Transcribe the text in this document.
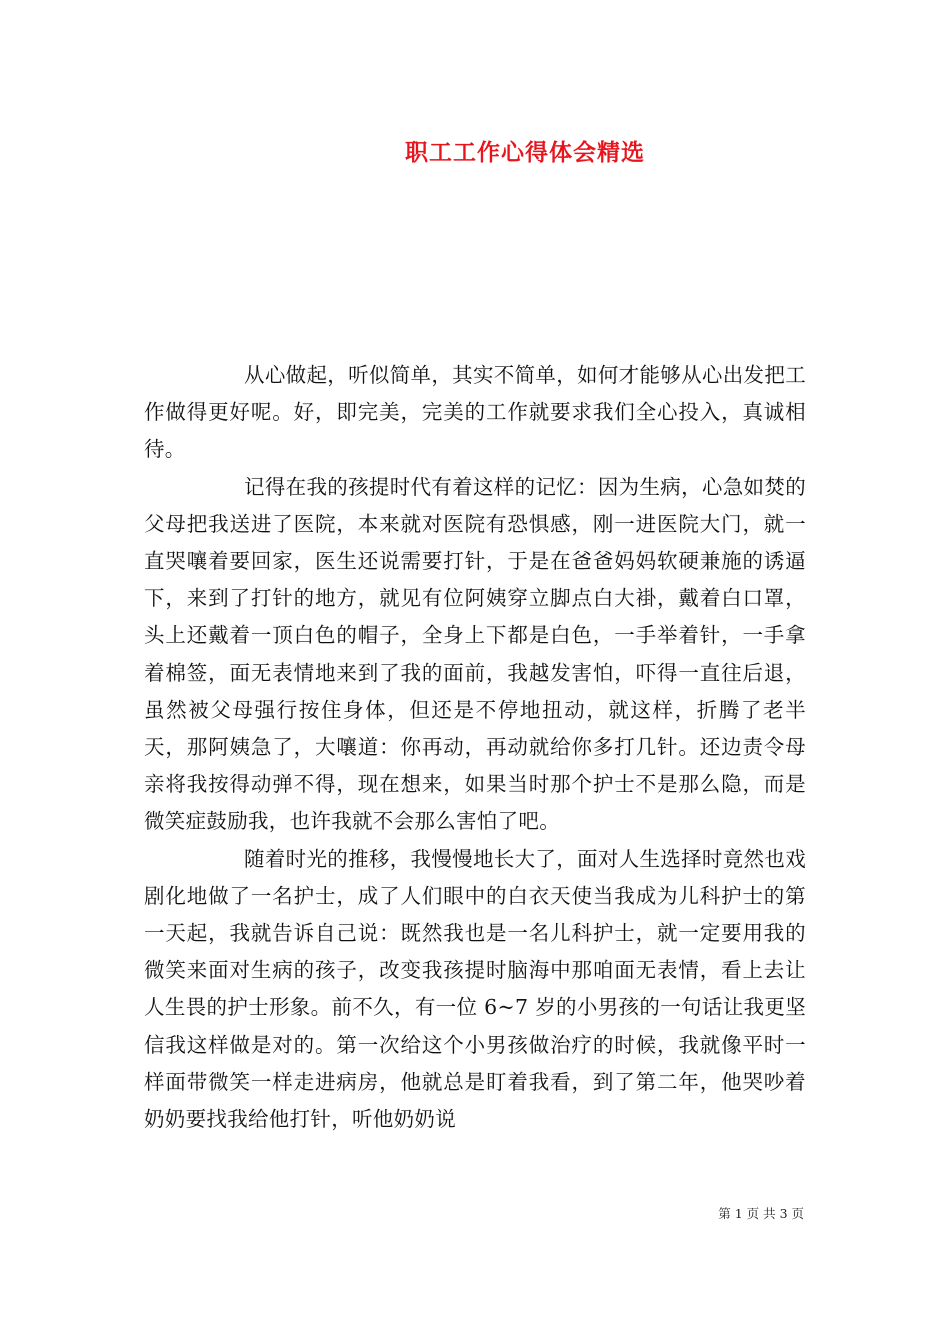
职工工作心得体会精选

从心做起，听似简单，其实不简单，如何才能够从心出发把工作做得更好呢。好，即完美，完美的工作就要求我们全心投入，真诚相待。

记得在我的孩提时代有着这样的记忆：因为生病，心急如焚的父母把我送进了医院，本来就对医院有恐惧感，刚一进医院大门，就一直哭嚷着要回家，医生还说需要打针，于是在爸爸妈妈软硬兼施的诱逼下，来到了打针的地方，就见有位阿姨穿立脚点白大褂，戴着白口罩，头上还戴着一顶白色的帽子，全身上下都是白色，一手举着针，一手拿着棉签，面无表情地来到了我的面前，我越发害怕，吓得一直往后退，虽然被父母强行按住身体，但还是不停地扭动，就这样，折腾了老半天，那阿姨急了，大嚷道：你再动，再动就给你多打几针。还边责令母亲将我按得动弹不得，现在想来，如果当时那个护士不是那么隐，而是微笑症鼓励我，也许我就不会那么害怕了吧。

随着时光的推移，我慢慢地长大了，面对人生选择时竟然也戏剧化地做了一名护士，成了人们眼中的白衣天使当我成为儿科护士的第一天起，我就告诉自己说：既然我也是一名儿科护士，就一定要用我的微笑来面对生病的孩子，改变我孩提时脑海中那咱面无表情，看上去让人生畏的护士形象。前不久，有一位 6~7 岁的小男孩的一句话让我更坚信我这样做是对的。第一次给这个小男孩做治疗的时候，我就像平时一样面带微笑一样走进病房，他就总是盯着我看，到了第二年，他哭吵着奶奶要找我给他打针，听他奶奶说

第 1 页 共 3 页
